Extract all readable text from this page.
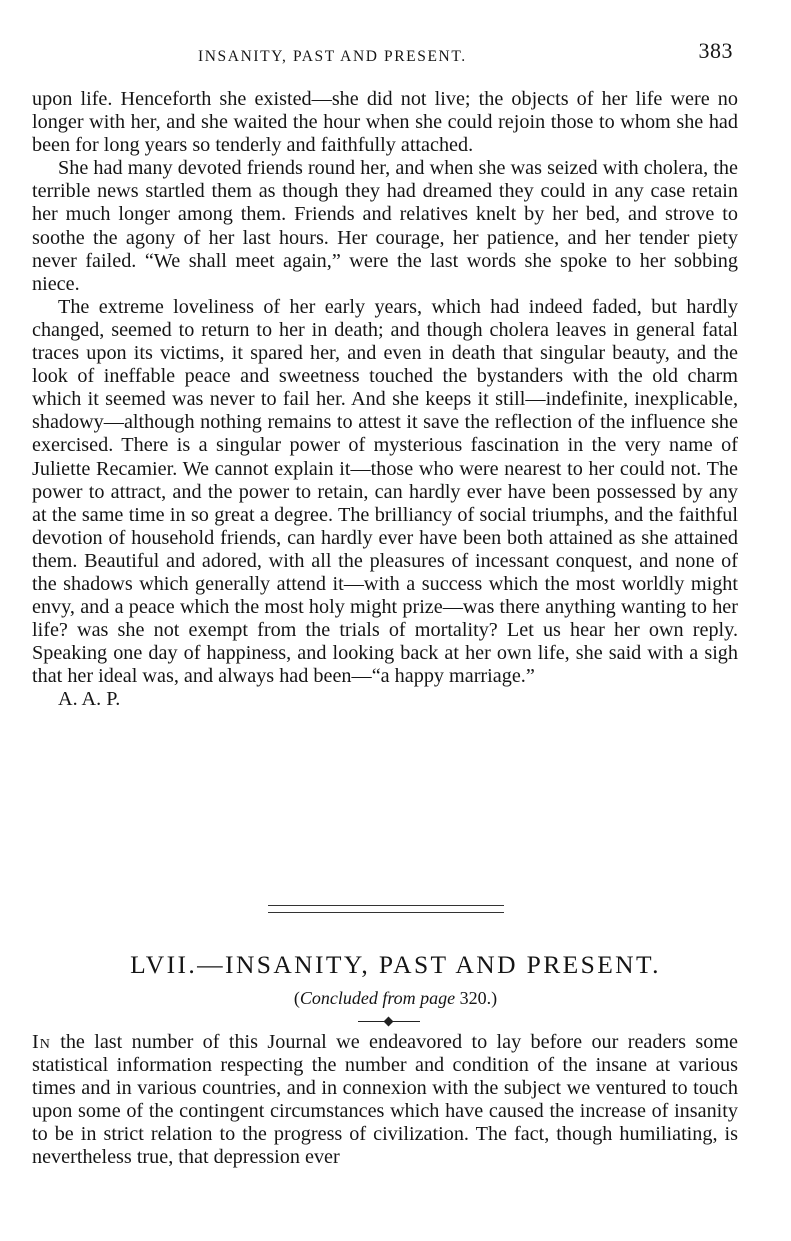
INSANITY, PAST AND PRESENT.	383

upon life. Henceforth she existed—she did not live; the objects of her life were no longer with her, and she waited the hour when she could rejoin those to whom she had been for long years so tenderly and faithfully attached.

She had many devoted friends round her, and when she was seized with cholera, the terrible news startled them as though they had dreamed they could in any case retain her much longer among them. Friends and relatives knelt by her bed, and strove to soothe the agony of her last hours. Her courage, her patience, and her tender piety never failed. “We shall meet again,” were the last words she spoke to her sobbing niece.

The extreme loveliness of her early years, which had indeed faded, but hardly changed, seemed to return to her in death; and though cholera leaves in general fatal traces upon its victims, it spared her, and even in death that singular beauty, and the look of ineffable peace and sweetness touched the bystanders with the old charm which it seemed was never to fail her. And she keeps it still—indefinite, inexplicable, shadowy—although nothing remains to attest it save the reflection of the influence she exercised. There is a singular power of mysterious fascination in the very name of Juliette Recamier. We cannot explain it—those who were nearest to her could not. The power to attract, and the power to retain, can hardly ever have been possessed by any at the same time in so great a degree. The brilliancy of social triumphs, and the faithful devotion of household friends, can hardly ever have been both attained as she attained them. Beautiful and adored, with all the pleasures of incessant conquest, and none of the shadows which generally attend it—with a success which the most worldly might envy, and a peace which the most holy might prize—was there anything wanting to her life? was she not exempt from the trials of mortality? Let us hear her own reply. Speaking one day of happiness, and looking back at her own life, she said with a sigh that her ideal was, and always had been—“a happy marriage.”

A. A. P.

LVII.—INSANITY, PAST AND PRESENT.
(Concluded from page 320.)

In the last number of this Journal we endeavored to lay before our readers some statistical information respecting the number and condition of the insane at various times and in various countries, and in connexion with the subject we ventured to touch upon some of the contingent circumstances which have caused the increase of insanity to be in strict relation to the progress of civilization. The fact, though humiliating, is nevertheless true, that depression ever
